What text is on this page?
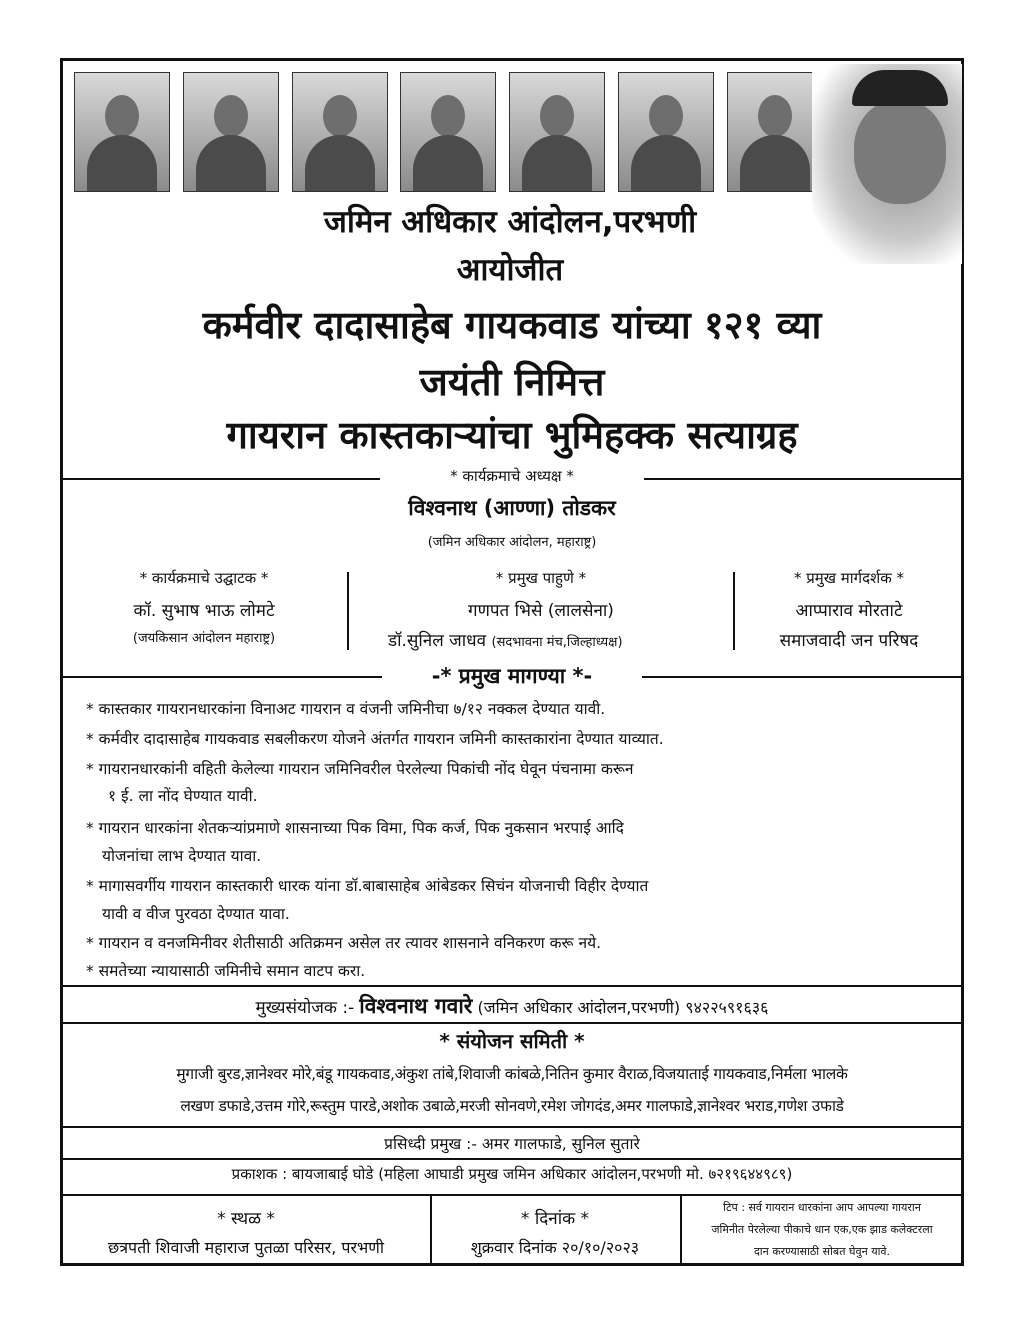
जमिन अधिकार आंदोलन,परभणी
आयोजीत
कर्मवीर दादासाहेब गायकवाड यांच्या १२१ व्या
जयंती निमित्त
गायरान कास्तकाऱ्यांचा भुमिहक्क सत्याग्रह
* कार्यक्रमाचे अध्यक्ष *
विश्वनाथ (आण्णा) तोडकर
(जमिन अधिकार आंदोलन, महाराष्ट्र)
* कार्यक्रमाचे उद्घाटक *
कॉ. सुभाष भाऊ लोमटे
(जयकिसान आंदोलन महाराष्ट्र)
* प्रमुख पाहुणे *
गणपत भिसे (लालसेना)
डॉ.सुनिल जाधव (सदभावना मंच,जिल्हाध्यक्ष)
* प्रमुख मार्गदर्शक *
आप्पाराव मोरताटे
समाजवादी जन परिषद
-* प्रमुख मागण्या *-
* कास्तकार गायरानधारकांना विनाअट गायरान व वंजनी जमिनीचा ७/१२ नक्कल देण्यात यावी.
* कर्मवीर दादासाहेब गायकवाड सबलीकरण योजने अंतर्गत गायरान जमिनी कास्तकारांना देण्यात याव्यात.
* गायरानधारकांनी वहिती केलेल्या गायरान जमिनिवरील पेरलेल्या पिकांची नोंद घेवून पंचनामा करून
१ ई. ला नोंद घेण्यात यावी.
* गायरान धारकांना शेतकऱ्यांप्रमाणे शासनाच्या पिक विमा, पिक कर्ज, पिक नुकसान भरपाई आदि
योजनांचा लाभ देण्यात यावा.
* मागासवर्गीय गायरान कास्तकारी धारक यांना डॉ.बाबासाहेब आंबेडकर सिचंन योजनाची विहीर देण्यात
यावी व वीज पुरवठा देण्यात यावा.
* गायरान व वनजमिनीवर शेतीसाठी अतिक्रमन असेल तर त्यावर शासनाने वनिकरण करू नये.
* समतेच्या न्यायासाठी जमिनीचे समान वाटप करा.
मुख्यसंयोजक :- विश्वनाथ गवारे (जमिन अधिकार आंदोलन,परभणी) ९४२२५९१६३६
* संयोजन समिती *
मुगाजी बुरड,ज्ञानेश्वर मोरे,बंडू गायकवाड,अंकुश तांबे,शिवाजी कांबळे,नितिन कुमार वैराळ,विजयाताई गायकवाड,निर्मला भालके
लखण डफाडे,उत्तम गोरे,रूस्तुम पारडे,अशोक उबाळे,मरजी सोनवणे,रमेश जोगदंड,अमर गालफाडे,ज्ञानेश्वर भराड,गणेश उफाडे
प्रसिध्दी प्रमुख :- अमर गालफाडे, सुनिल सुतारे
प्रकाशक : बायजाबाई घोडे (महिला आघाडी प्रमुख जमिन अधिकार आंदोलन,परभणी मो. ७२१९६४४९८९)
* स्थळ *
छत्रपती शिवाजी महाराज पुतळा परिसर, परभणी
* दिनांक *
शुक्रवार दिनांक २०/१०/२०२३
टिप : सर्व गायरान धारकांना आप आपल्या गायरान
जमिनीत पेरलेल्या पीकाचे धान एक,एक झाड कलेक्टरला
दान करण्यासाठी सोबत घेवुन यावे.
